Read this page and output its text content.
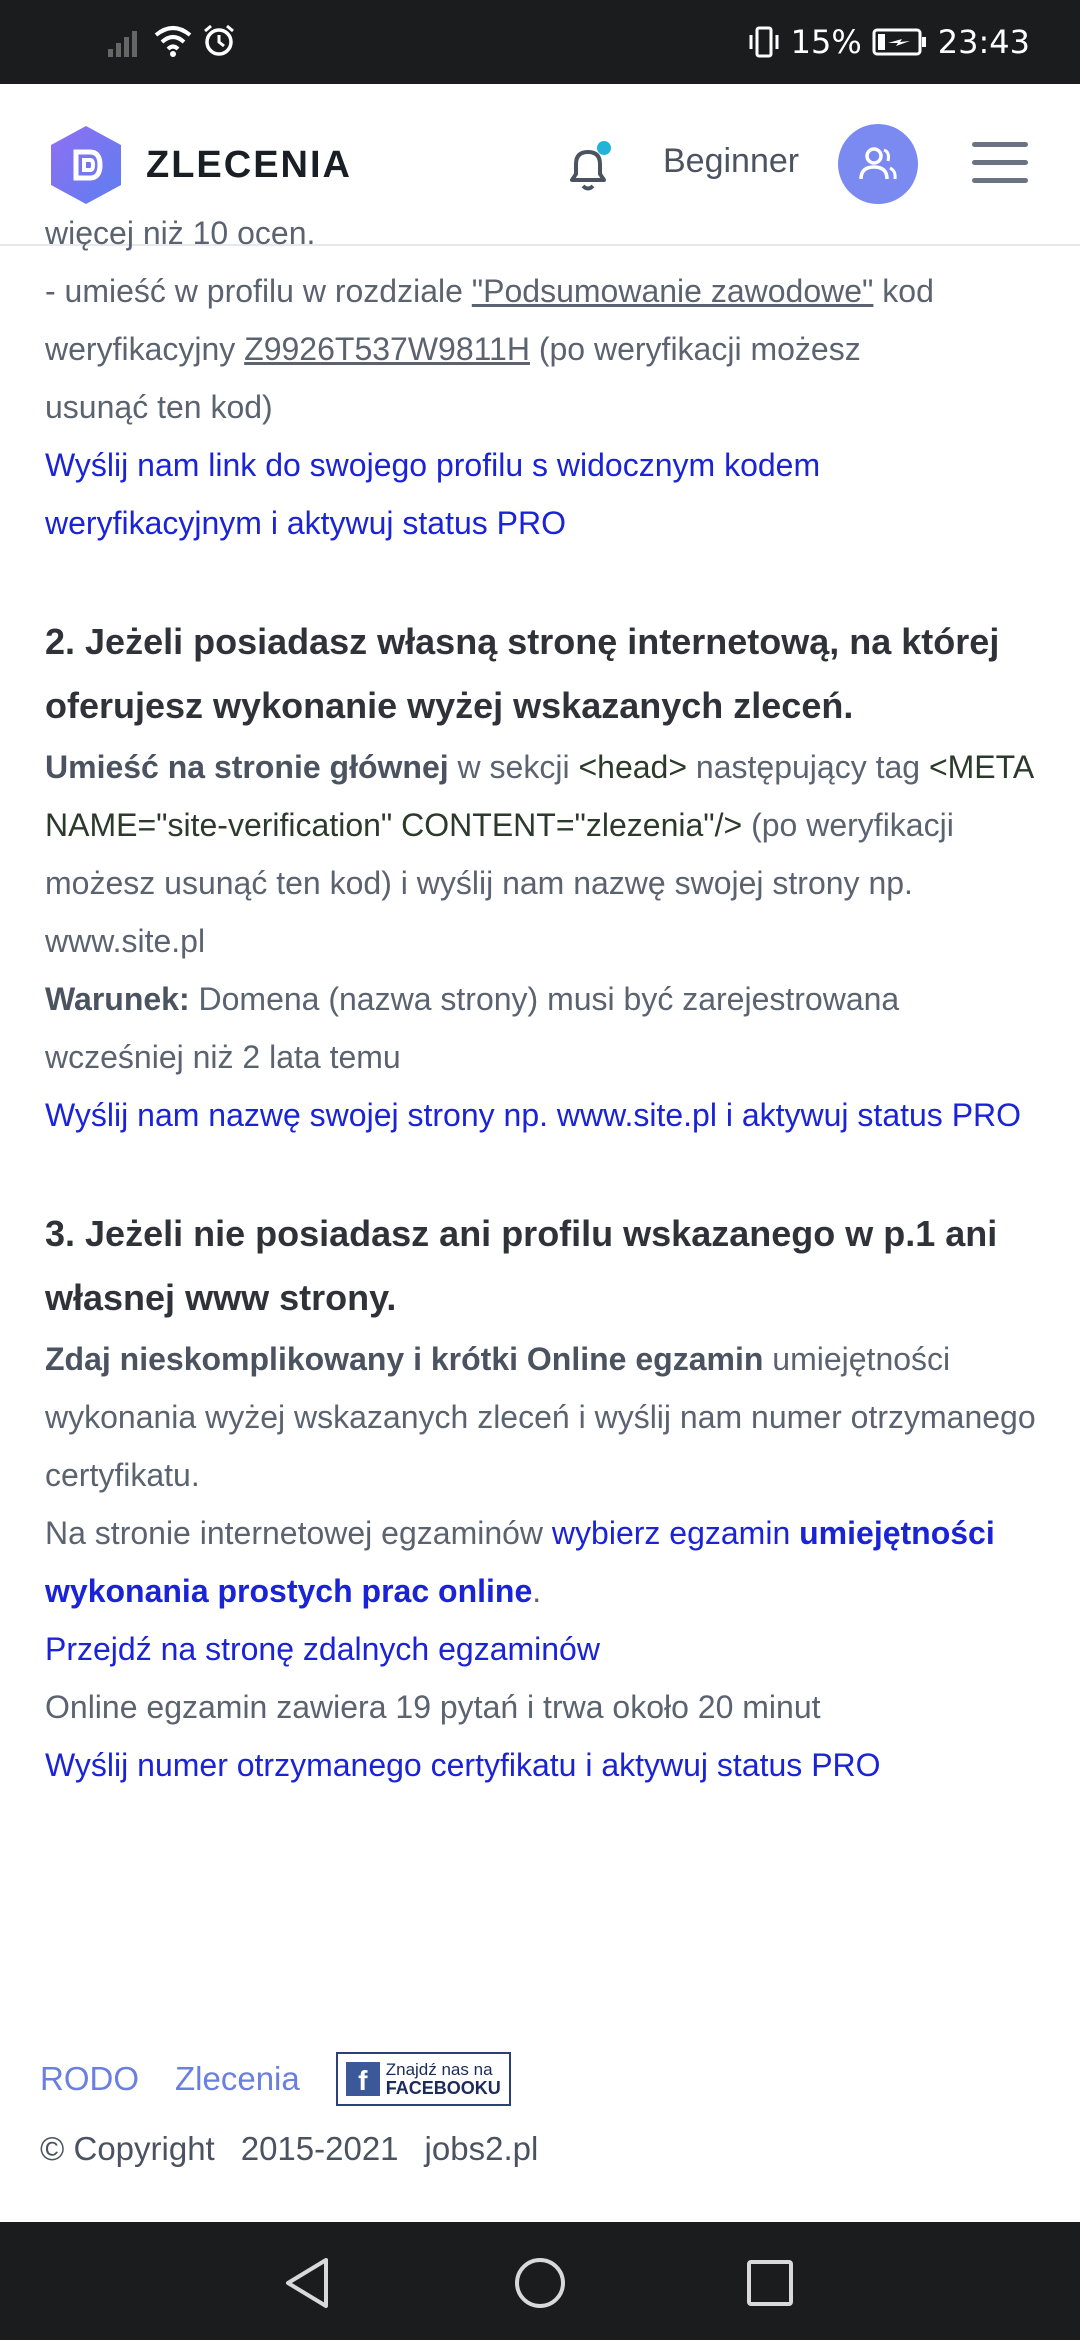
15% 23:43
ZLECENIA	Beginner

więcej niż 10 ocen.

- umieść w profilu w rozdziale "Podsumowanie zawodowe" kod

weryfikacyjny Z9926T537W9811H (po weryfikacji możesz

usunąć ten kod)

Wyślij nam link do swojego profilu s widocznym kodem weryfikacyjnym i aktywuj status PRO

2. Jeżeli posiadasz własną stronę internetową, na której oferujesz wykonanie wyżej wskazanych zleceń.

Umieść na stronie głównej w sekcji <head> następujący tag <META NAME="site-verification" CONTENT="zlezenia"/> (po weryfikacji możesz usunąć ten kod) i wyślij nam nazwę swojej strony np. www.site.pl

Warunek: Domena (nazwa strony) musi być zarejestrowana wcześniej niż 2 lata temu

Wyślij nam nazwę swojej strony np. www.site.pl i aktywuj status PRO

3. Jeżeli nie posiadasz ani profilu wskazanego w p.1 ani własnej www strony.

Zdaj nieskomplikowany i krótki Online egzamin umiejętności wykonania wyżej wskazanych zleceń i wyślij nam numer otrzymanego certyfikatu.

Na stronie internetowej egzaminów wybierz egzamin umiejętności wykonania prostych prac online.

Przejdź na stronę zdalnych egzaminów

Online egzamin zawiera 19 pytań i trwa około 20 minut

Wyślij numer otrzymanego certyfikatu i aktywuj status PRO

RODO Zlecenia	f	Znajdź nas na
FACEBOOKU
© Copyright 2015-2021 jobs2.pl
